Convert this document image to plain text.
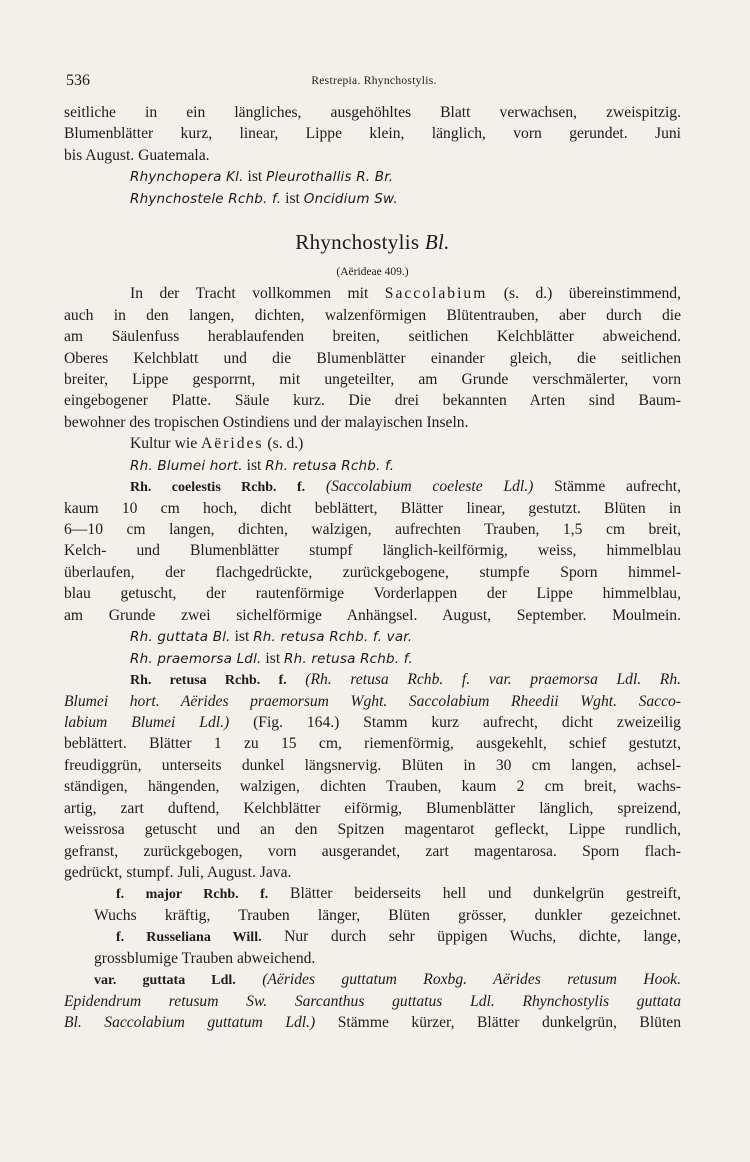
536	Restrepia. Rhynchostylis.
seitliche in ein längliches, ausgehöhltes Blatt verwachsen, zweispitzig.
Blumenblätter kurz, linear, Lippe klein, länglich, vorn gerundet. Juni
bis August. Guatemala.
Rhynchopera Kl. ist Pleurothallis R. Br.
Rhynchostele Rchb. f. ist Oncidium Sw.
Rhynchostylis Bl.
(Aërideae 409.)
In der Tracht vollkommen mit Saccolabium (s. d.) übereinstimmend,
auch in den langen, dichten, walzenförmigen Blütentrauben, aber durch die
am Säulenfuss herablaufenden breiten, seitlichen Kelchblätter abweichend.
Oberes Kelchblatt und die Blumenblätter einander gleich, die seitlichen
breiter, Lippe gesporrnt, mit ungeteilter, am Grunde verschmälerter, vorn
eingebogener Platte. Säule kurz. Die drei bekannten Arten sind Baum-
bewohner des tropischen Ostindiens und der malayischen Inseln.
Kultur wie Aërides (s. d.)
Rh. Blumei hort. ist Rh. retusa Rchb. f.
Rh. coelestis Rchb. f. (Saccolabium coeleste Ldl.) Stämme aufrecht,
kaum 10 cm hoch, dicht beblättert, Blätter linear, gestutzt. Blüten in
6—10 cm langen, dichten, walzigen, aufrechten Trauben, 1,5 cm breit,
Kelch- und Blumenblätter stumpf länglich-keilförmig, weiss, himmelblau
überlaufen, der flachgedrückte, zurückgebogene, stumpfe Sporn himmel-
blau getuscht, der rautenförmige Vorderlappen der Lippe himmelblau,
am Grunde zwei sichelförmige Anhängsel. August, September. Moulmein.
Rh. guttata Bl. ist Rh. retusa Rchb. f. var.
Rh. praemorsa Ldl. ist Rh. retusa Rchb. f.
Rh. retusa Rchb. f. (Rh. retusa Rchb. f. var. praemorsa Ldl. Rh.
Blumei hort. Aërides praemorsum Wght. Saccolabium Rheedii Wght. Sacco-
labium Blumei Ldl.) (Fig. 164.) Stamm kurz aufrecht, dicht zweizeilig
beblättert. Blätter 1 zu 15 cm, riemenförmig, ausgekehlt, schief gestutzt,
freudiggrün, unterseits dunkel längsnervig. Blüten in 30 cm langen, achsel-
ständigen, hängenden, walzigen, dichten Trauben, kaum 2 cm breit, wachs-
artig, zart duftend, Kelchblätter eiförmig, Blumenblätter länglich, spreizend,
weissrosa getuscht und an den Spitzen magentarot gefleckt, Lippe rundlich,
gefranst, zurückgebogen, vorn ausgerandet, zart magentarosa. Sporn flach-
gedrückt, stumpf. Juli, August. Java.
f. major Rchb. f. Blätter beiderseits hell und dunkelgrün gestreift,
Wuchs kräftig, Trauben länger, Blüten grösser, dunkler gezeichnet.
f. Russeliana Will. Nur durch sehr üppigen Wuchs, dichte, lange,
grossblumige Trauben abweichend.
var. guttata Ldl. (Aërides guttatum Roxbg. Aërides retusum Hook.
Epidendrum retusum Sw. Sarcanthus guttatus Ldl. Rhynchostylis guttata
Bl. Saccolabium guttatum Ldl.) Stämme kürzer, Blätter dunkelgrün, Blüten
